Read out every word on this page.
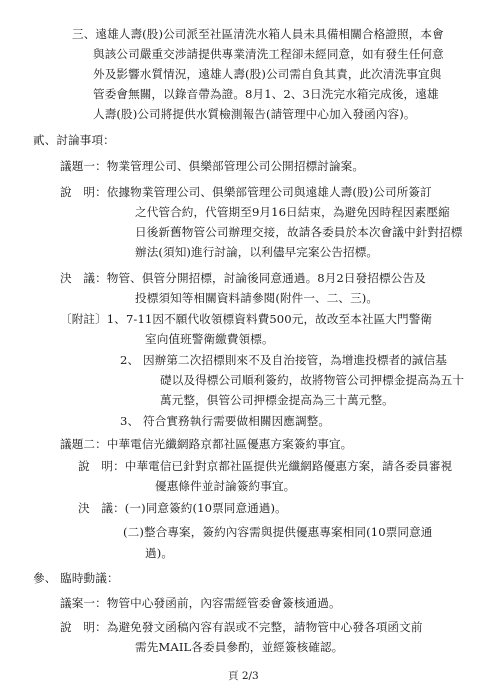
三、遠雄人壽(股)公司派至社區清洗水箱人員未具備相關合格證照，本會
與該公司嚴重交涉請提供專業清洗工程卻未經同意，如有發生任何意
外及影響水質情況，遠雄人壽(股)公司需自負其責，此次清洗事宜與
管委會無關，以錄音帶為證。8月1、2、3日洗完水箱完成後，遠雄
人壽(股)公司將提供水質檢測報告(請管理中心加入發函內容)。
貳、討論事項：
議題一：物業管理公司、俱樂部管理公司公開招標討論案。
說　明：依據物業管理公司、俱樂部管理公司與遠雄人壽(股)公司所簽訂
之代管合約，代管期至9月16日結束，為避免因時程因素壓縮
日後新舊物管公司辦理交接，故請各委員於本次會議中針對招標
辦法(須知)進行討論，以利儘早完案公告招標。
決　議：物管、俱管分開招標，討論後同意通過。8月2日發招標公告及
投標須知等相關資料請參閱(附件一、二、三)。
〔附註〕1、7-11因不願代收領標資料費500元，故改至本社區大門警衛
室向值班警衛繳費領標。
2、 因辦第二次招標則來不及自治接管，為增進投標者的誠信基
礎以及得標公司順利簽約，故將物管公司押標金提高為五十
萬元整，俱管公司押標金提高為三十萬元整。
3、 符合實務執行需要做相關因應調整。
議題二：中華電信光纖網路京都社區優惠方案簽約事宜。
說　明：中華電信已針對京都社區提供光纖網路優惠方案，請各委員審視
優惠條件並討論簽約事宜。
決　議：(一)同意簽約(10票同意通過)。
(二)整合專案，簽約內容需與提供優惠專案相同(10票同意通
過)。
參、 臨時動議：
議案一：物管中心發函前，內容需經管委會簽核通過。
說　明：為避免發文函稿內容有誤或不完整，請物管中心發各項函文前
需先MAIL各委員參酌，並經簽核確認。
頁 2/3
